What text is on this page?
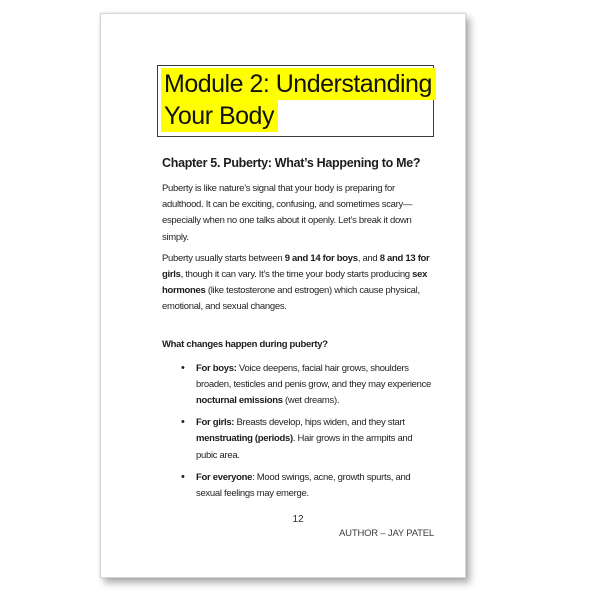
Module 2: Understanding
Your Body
Chapter 5. Puberty: What’s Happening to Me?

Puberty is like nature’s signal that your body is preparing for adulthood. It can be exciting, confusing, and sometimes scary—especially when no one talks about it openly. Let’s break it down simply.

Puberty usually starts between 9 and 14 for boys, and 8 and 13 for girls, though it can vary. It’s the time your body starts producing sex hormones (like testosterone and estrogen) which cause physical, emotional, and sexual changes.

What changes happen during puberty?
• For boys: Voice deepens, facial hair grows, shoulders broaden, testicles and penis grow, and they may experience nocturnal emissions (wet dreams).
• For girls: Breasts develop, hips widen, and they start menstruating (periods). Hair grows in the armpits and pubic area.
• For everyone: Mood swings, acne, growth spurts, and sexual feelings may emerge.
12
AUTHOR – JAY PATEL
